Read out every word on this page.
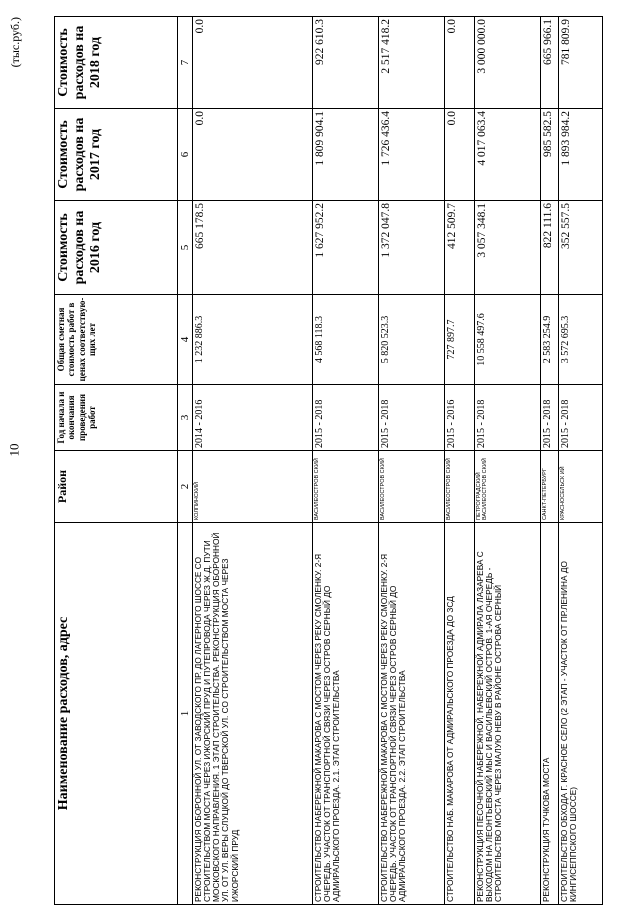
10
(тыс.руб.)
Наименование расходов, адрес	Район	Год начала и окончания проведения работ	Общая сметная стоимость работ в ценах соответствую-щих лет	Стоимость расходов на 2016 год	Стоимость расходов на 2017 год	Стоимость расходов на 2018 год
1	2	3	4	5	6	7
РЕКОНСТРУКЦИЯ ОБОРОННОЙ УЛ. ОТ ЗАВОДСКОГО ПР. ДО ЛАГЕРНОГО ШОССЕ СО СТРОИТЕЛЬСТВОМ МОСТА ЧЕРЕЗ ИЖОРСКИЙ ПРУД И ПУТЕПРОВОДА ЧЕРЕЗ Ж.Д. ПУТИ МОСКОВСКОГО НАПРАВЛЕНИЯ. 1 ЭТАП СТРОИТЕЛЬСТВА. РЕКОНСТРУКЦИЯ ОБОРОННОЙ УЛ. ОТ УЛ. ВЕРЫ СЛУЦКОЙ ДО ТВЕРСКОЙ УЛ. СО СТРОИТЕЛЬСТВОМ МОСТА ЧЕРЕЗ ИЖОРСКИЙ ПРУД	КОЛПИНСКИЙ	2014 - 2016	1 232 886.3	665 178.5	0.0	0.0
СТРОИТЕЛЬСТВО НАБЕРЕЖНОЙ МАКАРОВА С МОСТОМ ЧЕРЕЗ РЕКУ СМОЛЕНКУ. 2-Я ОЧЕРЕДЬ. УЧАСТОК ОТ ТРАНСПОРТНОЙ СВЯЗИ ЧЕРЕЗ ОСТРОВ СЕРНЫЙ ДО АДМИРАЛЬСКОГО ПРОЕЗДА. 2.1. ЭТАП СТРОИТЕЛЬСТВА	ВАСИЛЕОСТРОВ СКИЙ	2015 - 2018	4 568 118.3	1 627 952.2	1 809 904.1	922 610.3
СТРОИТЕЛЬСТВО НАБЕРЕЖНОЙ МАКАРОВА С МОСТОМ ЧЕРЕЗ РЕКУ СМОЛЕНКУ. 2-Я ОЧЕРЕДЬ. УЧАСТОК ОТ ТРАНСПОРТНОЙ СВЯЗИ ЧЕРЕЗ ОСТРОВ СЕРНЫЙ ДО АДМИРАЛЬСКОГО ПРОЕЗДА. 2.2. ЭТАП СТРОИТЕЛЬСТВА	ВАСИЛЕОСТРОВ СКИЙ	2015 - 2018	5 820 523.3	1 372 047.8	1 726 436.4	2 517 418.2
СТРОИТЕЛЬСТВО НАБ. МАКАРОВА ОТ АДМИРАЛЬСКОГО ПРОЕЗДА ДО ЗСД	ВАСИЛЕОСТРОВ СКИЙ	2015 - 2016	727 897.7	412 509.7	0.0	0.0
РЕКОНСТРУКЦИЯ ПЕСОЧНОЙ НАБЕРЕЖНОЙ, НАБЕРЕЖНОЙ АДМИРАЛА ЛАЗАРЕВА С ВЫХОДОМ НА ЛЕОНТЬЕВСКИЙ МЫС И ВАСИЛЬЕВСКИЙ ОСТРОВ. 1-АЯ ОЧЕРЕДЬ - СТРОИТЕЛЬСТВО МОСТА ЧЕРЕЗ МАЛУЮ НЕВУ В РАЙОНЕ ОСТРОВА СЕРНЫЙ	ПЕТРОГРАДСКИЙ ВАСИЛЕОСТРОВ СКИЙ	2015 - 2018	10 558 497.6	3 057 348.1	4 017 063.4	3 000 000.0
РЕКОНСТРУКЦИЯ ТУЧКОВА МОСТА	САНКТ-ПЕТЕРБУРГ	2015 - 2018	2 583 254.9	822 111.6	985 582.5	665 966.1
СТРОИТЕЛЬСТВО ОБХОДА Г. КРАСНОЕ СЕЛО (2 ЭТАП - УЧАСТОК ОТ ПР.ЛЕНИНА ДО КИНГИСЕППСКОГО ШОССЕ)	КРАСНОСЕЛЬСК ИЙ	2015 - 2018	3 572 695.3	352 557.5	1 893 984.2	781 809.9
